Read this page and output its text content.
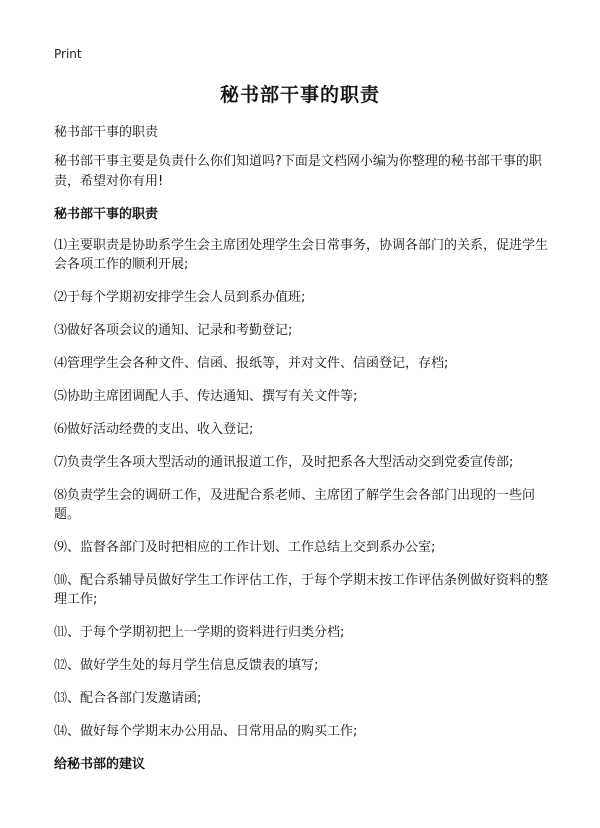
Print
秘书部干事的职责

秘书部干事的职责

秘书部干事主要是负责什么你们知道吗?下面是文档网小编为你整理的秘书部干事的职责，希望对你有用!

秘书部干事的职责
⑴主要职责是协助系学生会主席团处理学生会日常事务，协调各部门的关系，促进学生会各项工作的顺利开展;
⑵于每个学期初安排学生会人员到系办值班;
⑶做好各项会议的通知、记录和考勤登记;
⑷管理学生会各种文件、信函、报纸等，并对文件、信函登记，存档;
⑸协助主席团调配人手、传达通知、撰写有关文件等;
⑹做好活动经费的支出、收入登记;
⑺负责学生各项大型活动的通讯报道工作，及时把系各大型活动交到党委宣传部;
⑻负责学生会的调研工作，及进配合系老师、主席团了解学生会各部门出现的一些问题。
⑼、监督各部门及时把相应的工作计划、工作总结上交到系办公室;
⑽、配合系辅导员做好学生工作评估工作，于每个学期末按工作评估条例做好资料的整理工作;
⑾、于每个学期初把上一学期的资料进行归类分档;
⑿、做好学生处的每月学生信息反馈表的填写;
⒀、配合各部门发邀请函;
⒁、做好每个学期末办公用品、日常用品的购买工作;
给秘书部的建议
